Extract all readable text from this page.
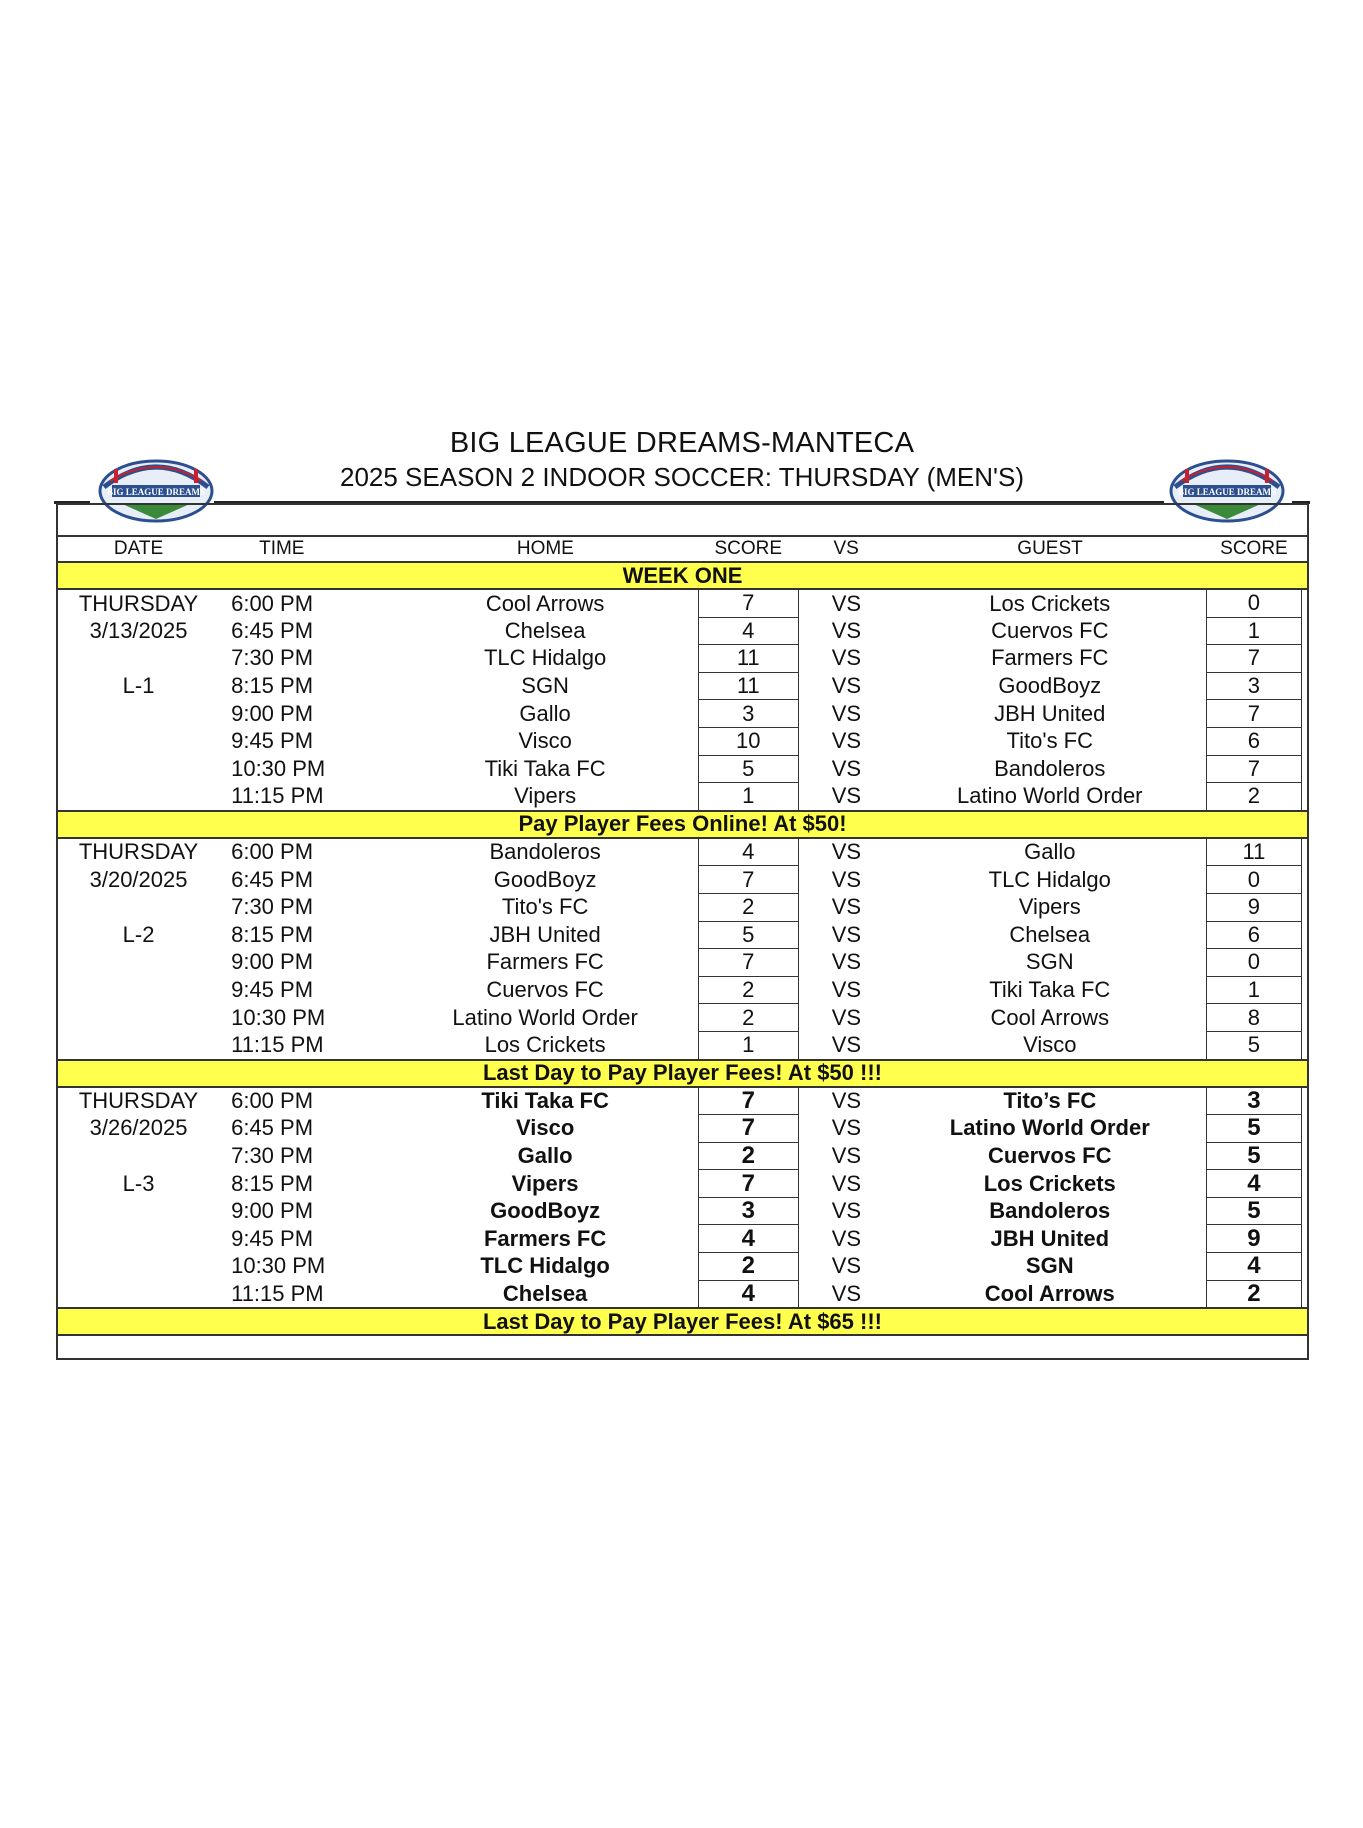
BIG LEAGUE DREAMS-MANTECA
2025 SEASON 2 INDOOR SOCCER: THURSDAY (MEN'S)
BIG LEAGUE DREAMS	BIG LEAGUE DREAMS
DATE	TIME	HOME	SCORE	VS	GUEST	SCORE	
WEEK ONE							
THURSDAY	6:00 PM	Cool Arrows	7	VS	Los Crickets	0	
3/13/2025	6:45 PM	Chelsea	4	VS	Cuervos FC	1	
	7:30 PM	TLC Hidalgo	11	VS	Farmers FC	7	
L-1	8:15 PM	SGN	11	VS	GoodBoyz	3	
	9:00 PM	Gallo	3	VS	JBH United	7	
	9:45 PM	Visco	10	VS	Tito's FC	6	
	10:30 PM	Tiki Taka FC	5	VS	Bandoleros	7	
	11:15 PM	Vipers	1	VS	Latino World Order	2	
Pay Player Fees Online! At $50!							
THURSDAY	6:00 PM	Bandoleros	4	VS	Gallo	11	
3/20/2025	6:45 PM	GoodBoyz	7	VS	TLC Hidalgo	0	
	7:30 PM	Tito's FC	2	VS	Vipers	9	
L-2	8:15 PM	JBH United	5	VS	Chelsea	6	
	9:00 PM	Farmers FC	7	VS	SGN	0	
	9:45 PM	Cuervos FC	2	VS	Tiki Taka FC	1	
	10:30 PM	Latino World Order	2	VS	Cool Arrows	8	
	11:15 PM	Los Crickets	1	VS	Visco	5	
Last Day to Pay Player Fees! At $50 !!!							
THURSDAY	6:00 PM	Tiki Taka FC	7	VS	Tito’s FC	3	
3/26/2025	6:45 PM	Visco	7	VS	Latino World Order	5	
	7:30 PM	Gallo	2	VS	Cuervos FC	5	
L-3	8:15 PM	Vipers	7	VS	Los Crickets	4	
	9:00 PM	GoodBoyz	3	VS	Bandoleros	5	
	9:45 PM	Farmers FC	4	VS	JBH United	9	
	10:30 PM	TLC Hidalgo	2	VS	SGN	4	
	11:15 PM	Chelsea	4	VS	Cool Arrows	2	
Last Day to Pay Player Fees! At $65 !!!							
